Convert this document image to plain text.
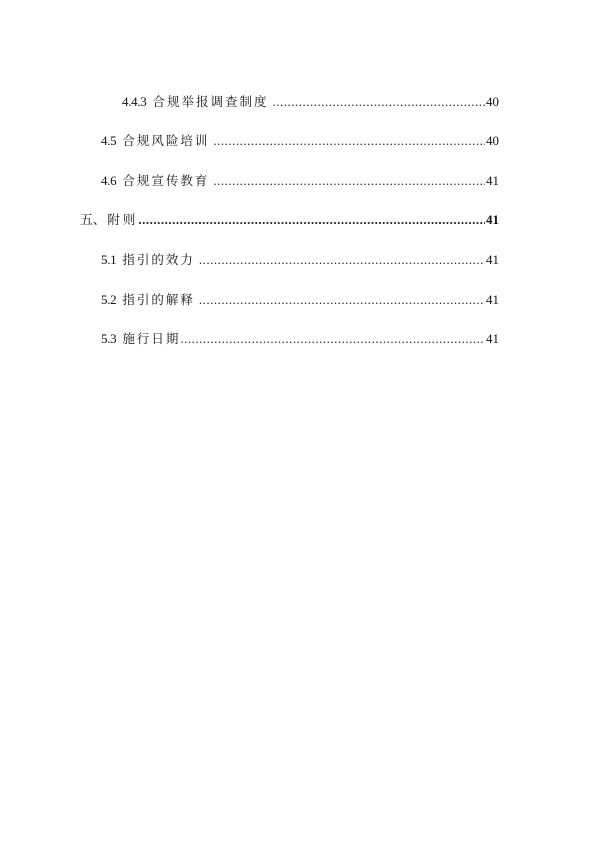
4.4.3 合规举报调查制度 .....	40
4.5 合规风险培训 .....	40
4.6 合规宣传教育 .....	41
五、 附则 .....	41
5.1 指引的效力 .....	41
5.2 指引的解释 .....	41
5.3 施行日期 .....	41
